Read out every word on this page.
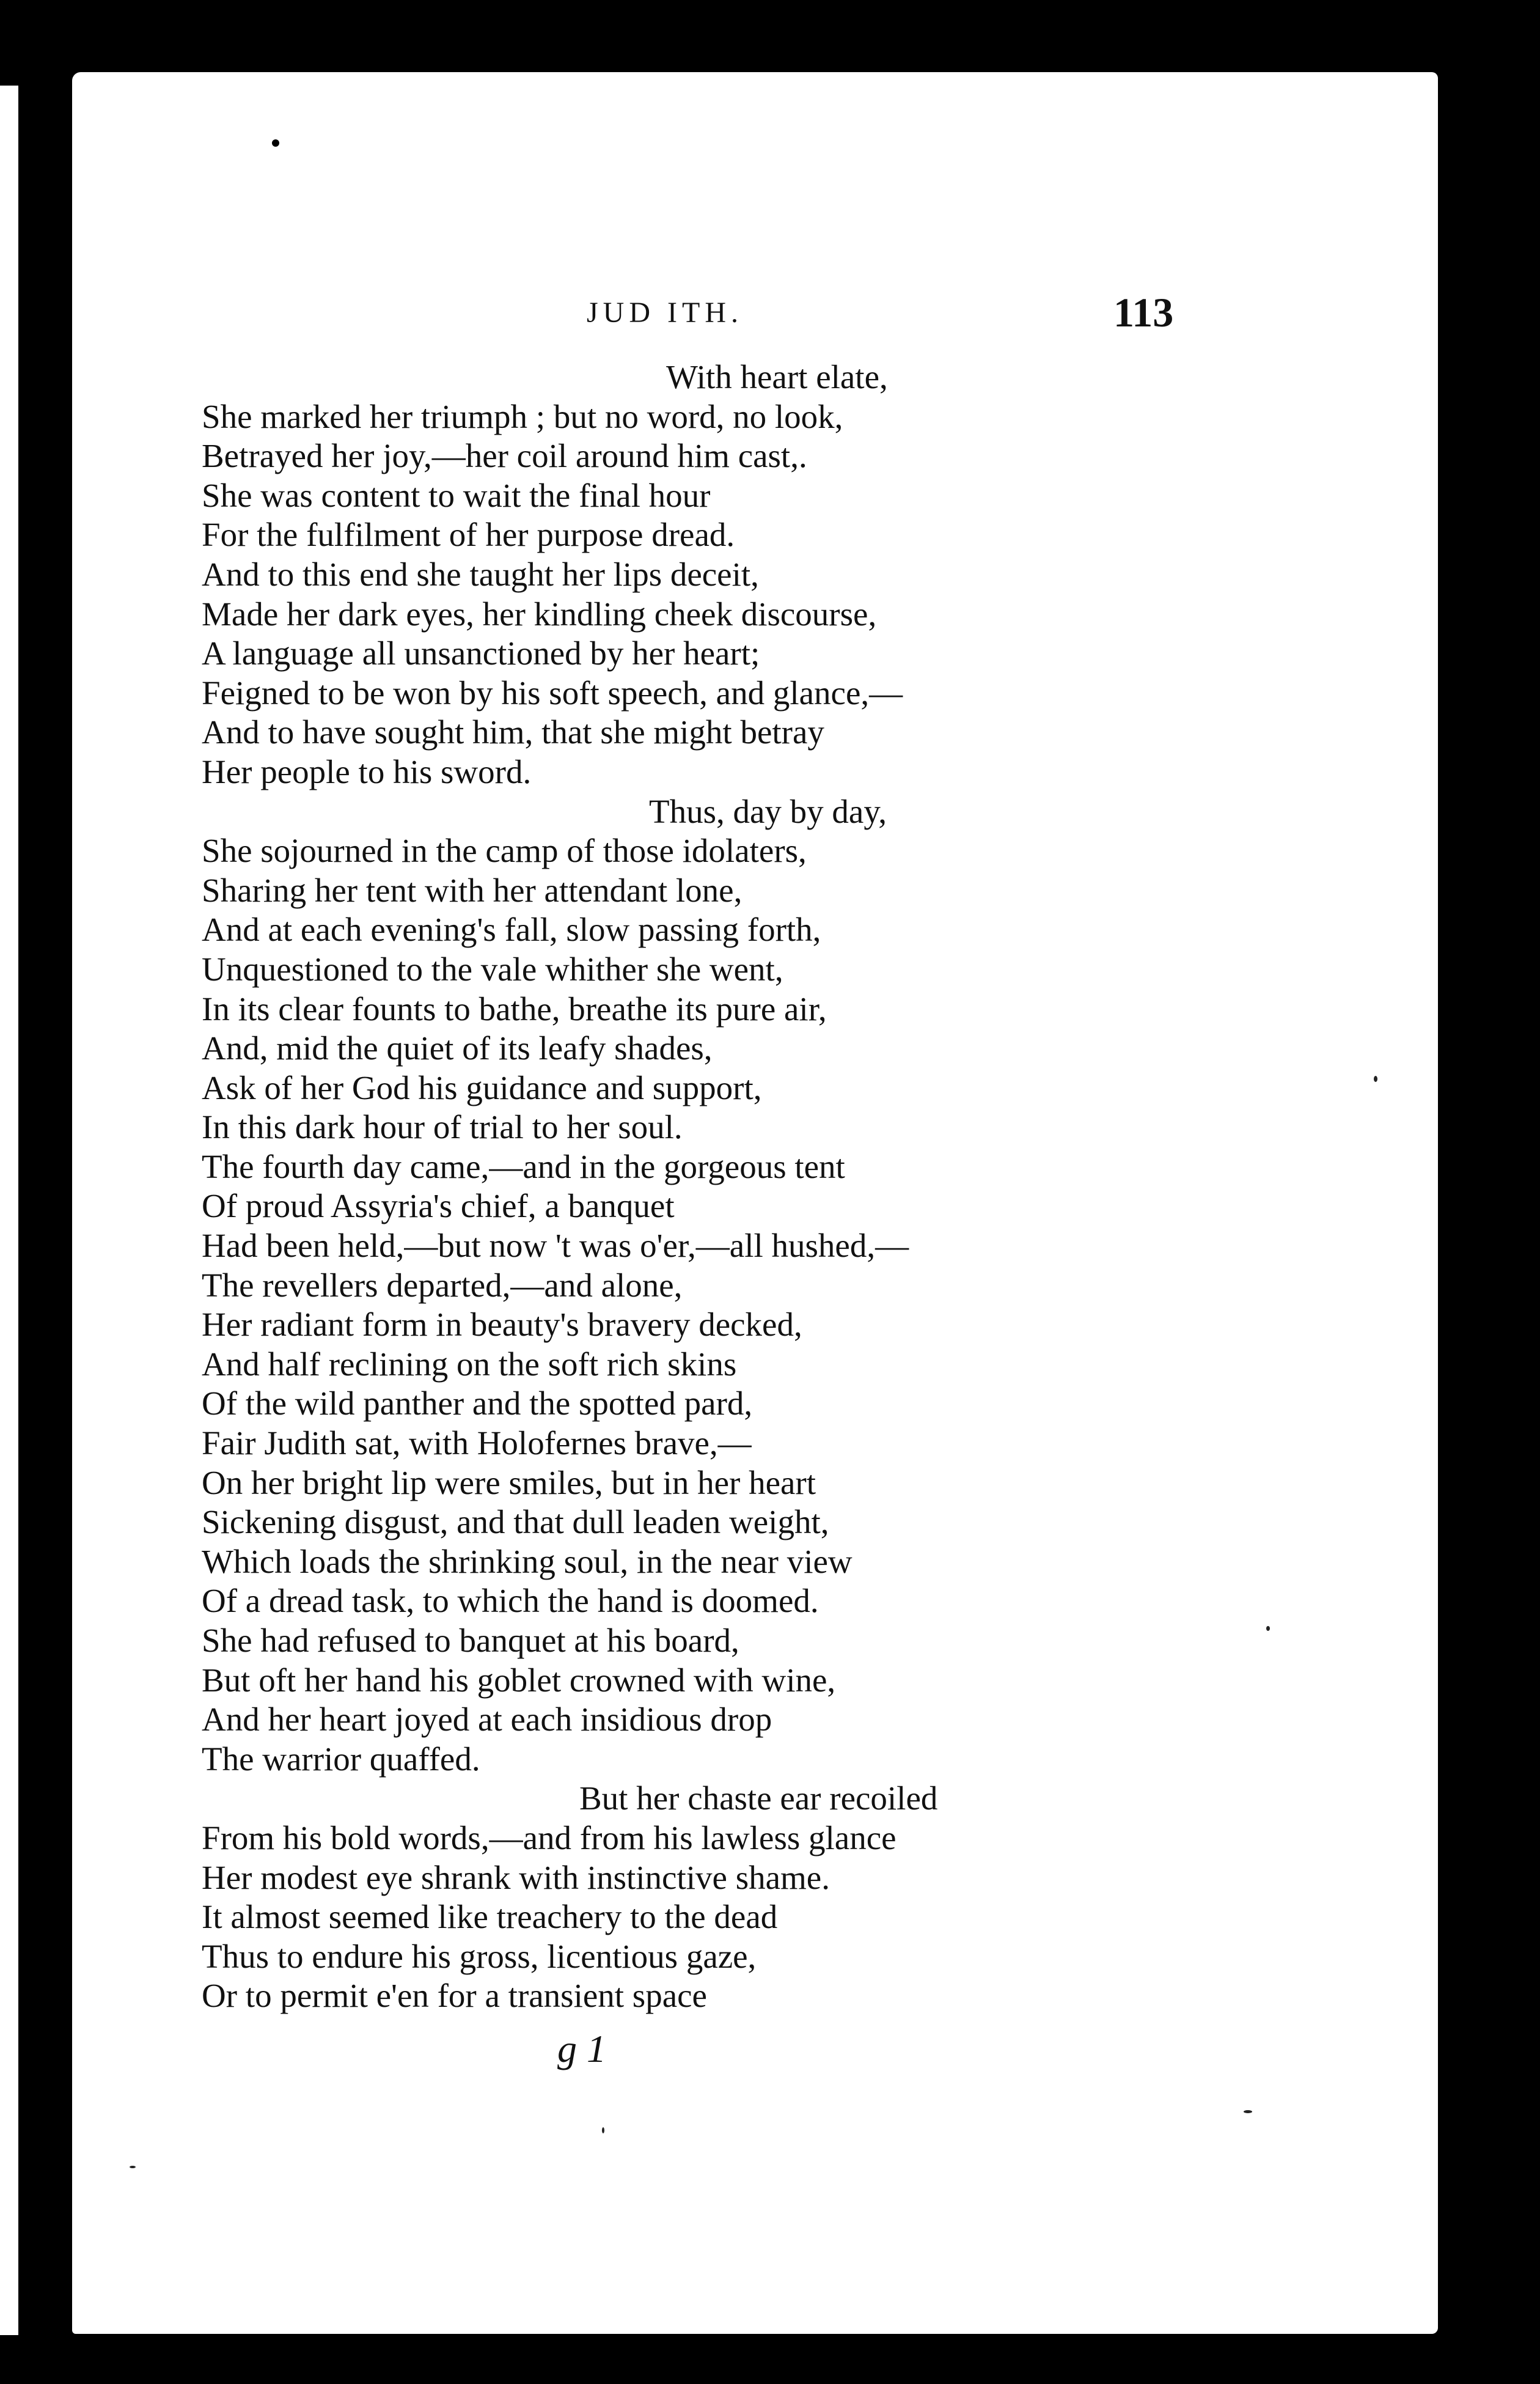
JUD ITH.	113
With heart elate,
She marked her triumph ; but no word, no look,
Betrayed her joy,—her coil around him cast,.
She was content to wait the final hour
For the fulfilment of her purpose dread.
And to this end she taught her lips deceit,
Made her dark eyes, her kindling cheek discourse,
A language all unsanctioned by her heart;
Feigned to be won by his soft speech, and glance,—
And to have sought him, that she might betray
Her people to his sword.
Thus, day by day,
She sojourned in the camp of those idolaters,
Sharing her tent with her attendant lone,
And at each evening's fall, slow passing forth,
Unquestioned to the vale whither she went,
In its clear founts to bathe, breathe its pure air,
And, mid the quiet of its leafy shades,
Ask of her God his guidance and support,
In this dark hour of trial to her soul.
The fourth day came,—and in the gorgeous tent
Of proud Assyria's chief, a banquet
Had been held,—but now 't was o'er,—all hushed,—
The revellers departed,—and alone,
Her radiant form in beauty's bravery decked,
And half reclining on the soft rich skins
Of the wild panther and the spotted pard,
Fair Judith sat, with Holofernes brave,—
On her bright lip were smiles, but in her heart
Sickening disgust, and that dull leaden weight,
Which loads the shrinking soul, in the near view
Of a dread task, to which the hand is doomed.
She had refused to banquet at his board,
But oft her hand his goblet crowned with wine,
And her heart joyed at each insidious drop
The warrior quaffed.
But her chaste ear recoiled
From his bold words,—and from his lawless glance
Her modest eye shrank with instinctive shame.
It almost seemed like treachery to the dead
Thus to endure his gross, licentious gaze,
Or to permit e'en for a transient space
g 1
